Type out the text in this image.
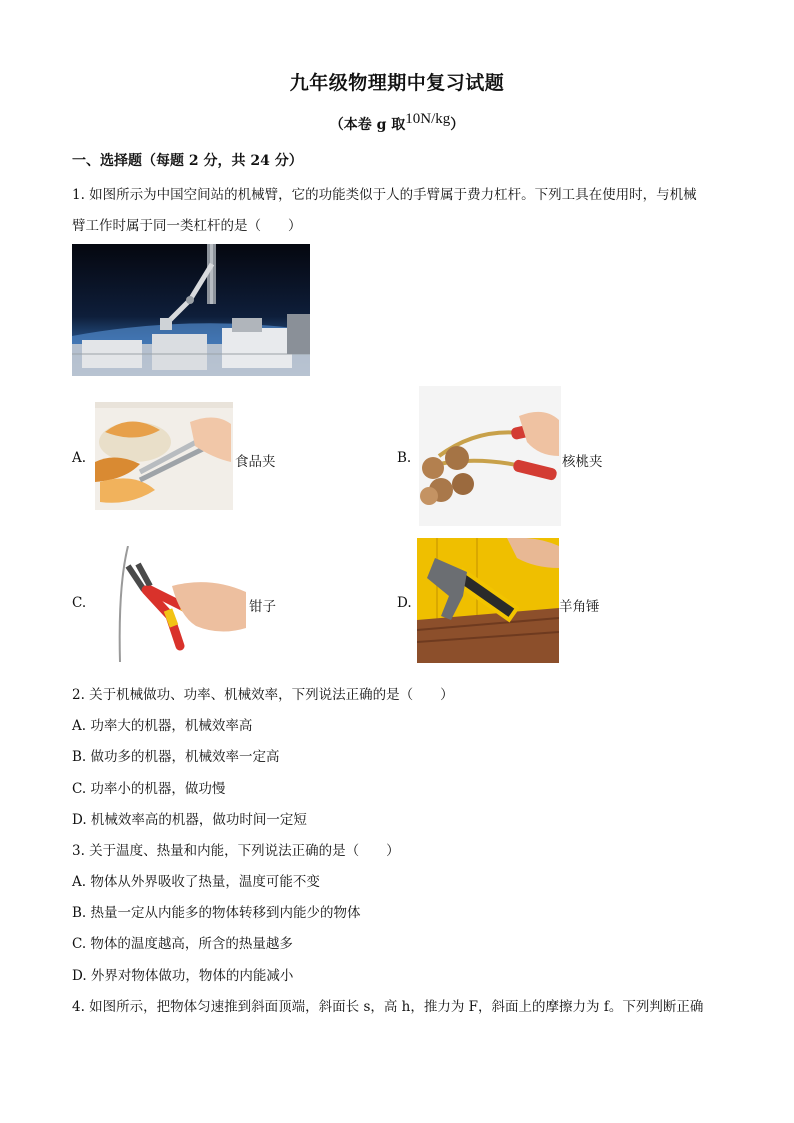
九年级物理期中复习试题
（本卷 g 取10N/kg）
一、选择题（每题 2 分，共 24 分）
1. 如图所示为中国空间站的机械臂，它的功能类似于人的手臂属于费力杠杆。下列工具在使用时，与机械
臂工作时属于同一类杠杆的是（　　）
A.	食品夹	B.	核桃夹
C.	钳子	D.	羊角锤
2. 关于机械做功、功率、机械效率，下列说法正确的是（　　）
A. 功率大的机器，机械效率高
B. 做功多的机器，机械效率一定高
C. 功率小的机器，做功慢
D. 机械效率高的机器，做功时间一定短
3. 关于温度、热量和内能，下列说法正确的是（　　）
A. 物体从外界吸收了热量，温度可能不变
B. 热量一定从内能多的物体转移到内能少的物体
C. 物体的温度越高，所含的热量越多
D. 外界对物体做功，物体的内能减小
4. 如图所示，把物体匀速推到斜面顶端，斜面长 s，高 h，推力为 F，斜面上的摩擦力为 f。下列判断正确
